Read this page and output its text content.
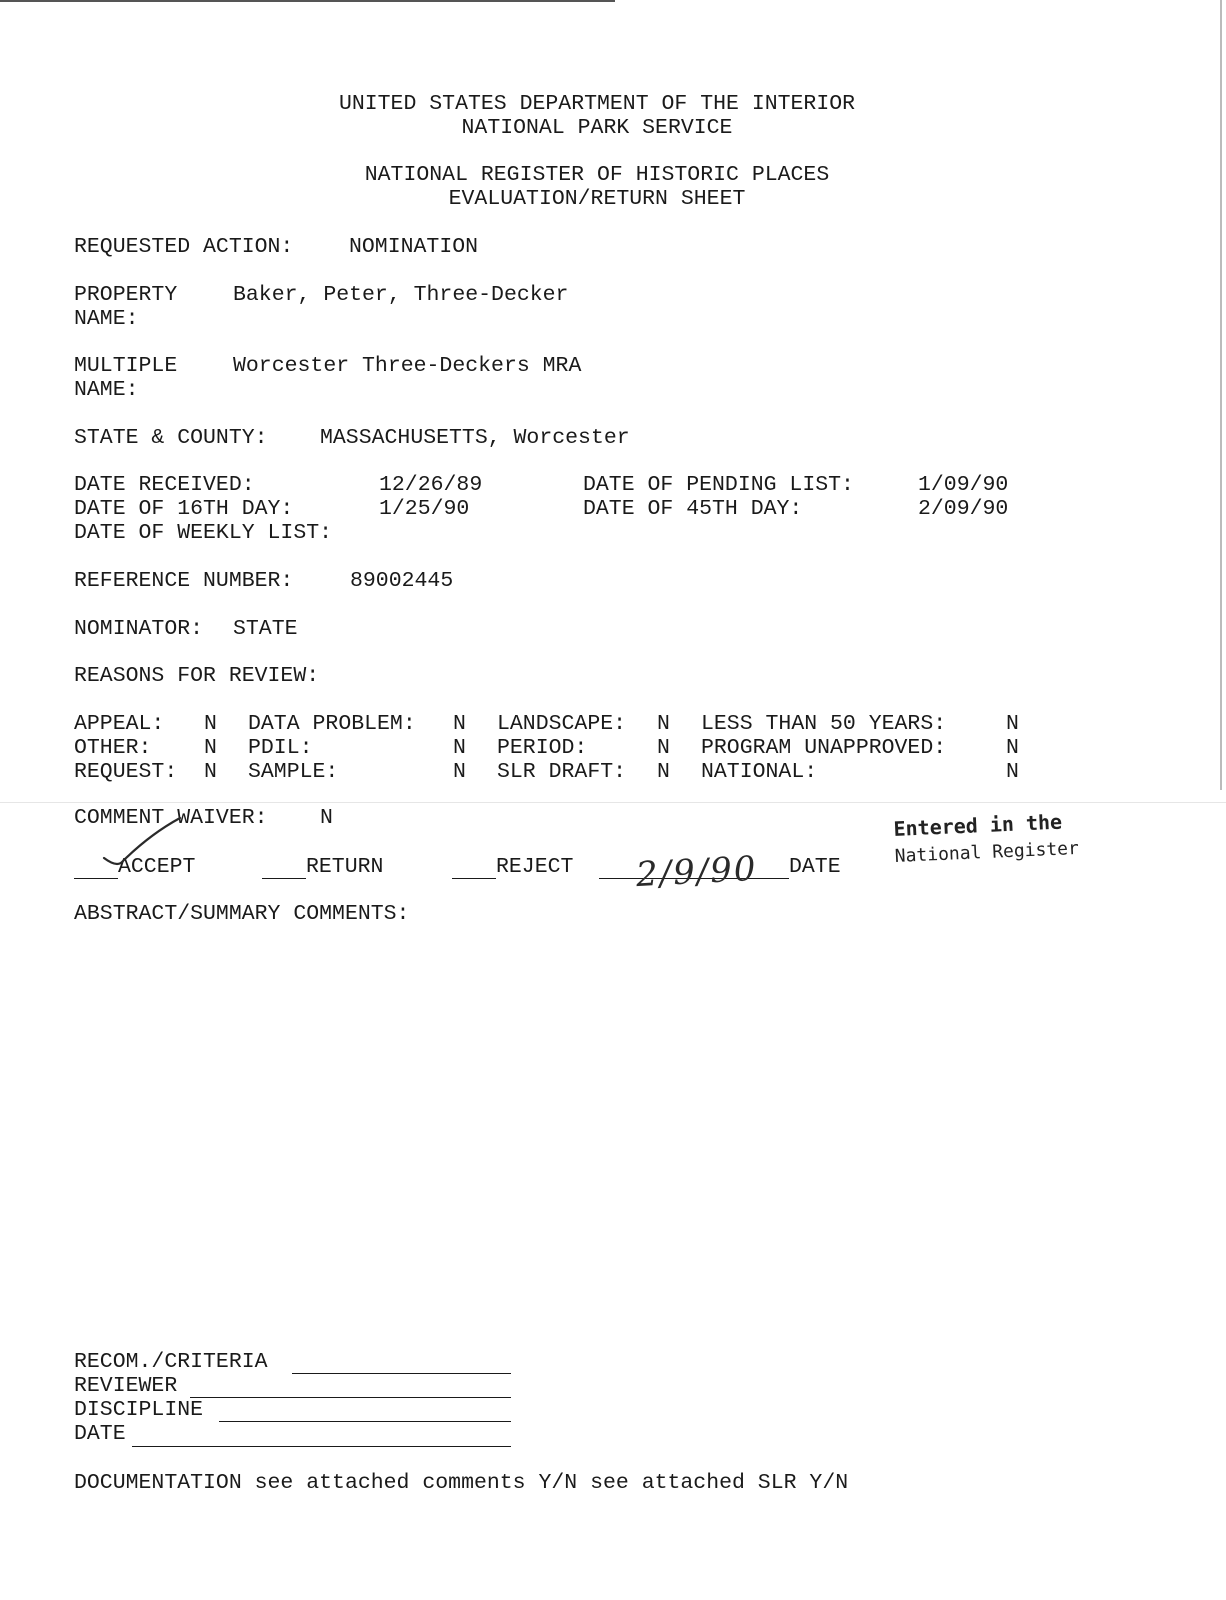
UNITED STATES DEPARTMENT OF THE INTERIOR
NATIONAL PARK SERVICE
NATIONAL REGISTER OF HISTORIC PLACES
EVALUATION/RETURN SHEET
REQUESTED ACTION:	NOMINATION
PROPERTY
NAME:
Baker, Peter, Three-Decker
MULTIPLE
NAME:
Worcester Three-Deckers MRA
STATE & COUNTY: MASSACHUSETTS, Worcester
DATE RECEIVED:	12/26/89	DATE OF PENDING LIST:	1/09/90
DATE OF 16TH DAY:	1/25/90	DATE OF 45TH DAY:	2/09/90
DATE OF WEEKLY LIST:
REFERENCE NUMBER:	89002445
NOMINATOR: STATE
REASONS FOR REVIEW:
APPEAL: N DATA PROBLEM: N LANDSCAPE: N LESS THAN 50 YEARS:	N
OTHER: N PDIL:	N PERIOD:	N PROGRAM UNAPPROVED:	N
REQUEST: N SAMPLE:	N SLR DRAFT: N NATIONAL:	N
COMMENT WAIVER: N	Entered in the
National Register
ACCEPT	RETURN	REJECT 2/9/90 DATE
ABSTRACT/SUMMARY COMMENTS:
RECOM./CRITERIA
REVIEWER
DISCIPLINE
DATE
DOCUMENTATION see attached comments Y/N see attached SLR Y/N
